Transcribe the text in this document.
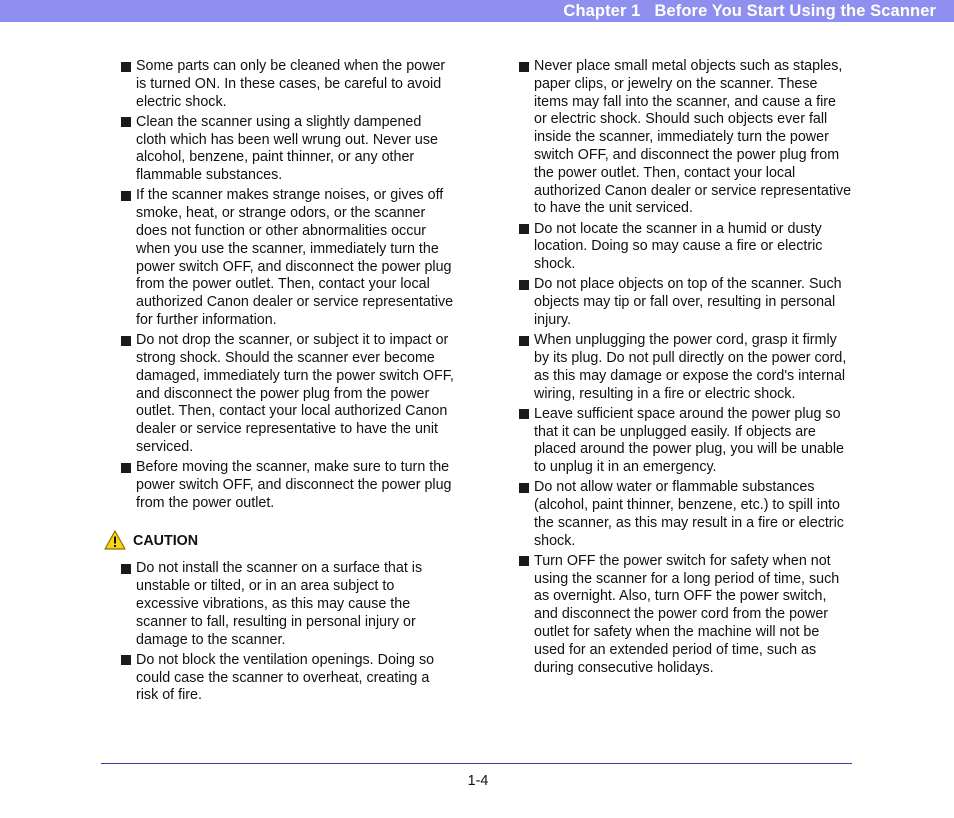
Chapter 1   Before You Start Using the Scanner
Some parts can only be cleaned when the power is turned ON. In these cases, be careful to avoid electric shock.
Clean the scanner using a slightly dampened cloth which has been well wrung out. Never use alcohol, benzene, paint thinner, or any other flammable substances.
If the scanner makes strange noises, or gives off smoke, heat, or strange odors, or the scanner does not function or other abnormalities occur when you use the scanner, immediately turn the power switch OFF, and disconnect the power plug from the power outlet. Then, contact your local authorized Canon dealer or service representative for further information.
Do not drop the scanner, or subject it to impact or strong shock. Should the scanner ever become damaged, immediately turn the power switch OFF, and disconnect the power plug from the power outlet. Then, contact your local authorized Canon dealer or service representative to have the unit serviced.
Before moving the scanner, make sure to turn the power switch OFF, and disconnect the power plug from the power outlet.
CAUTION
Do not install the scanner on a surface that is unstable or tilted, or in an area subject to excessive vibrations, as this may cause the scanner to fall, resulting in personal injury or damage to the scanner.
Do not block the ventilation openings. Doing so could case the scanner to overheat, creating a risk of fire.
Never place small metal objects such as staples, paper clips, or jewelry on the scanner. These items may fall into the scanner, and cause a fire or electric shock. Should such objects ever fall inside the scanner, immediately turn the power switch OFF, and disconnect the power plug from the power outlet. Then, contact your local authorized Canon dealer or service representative to have the unit serviced.
Do not locate the scanner in a humid or dusty location. Doing so may cause a fire or electric shock.
Do not place objects on top of the scanner. Such objects may tip or fall over, resulting in personal injury.
When unplugging the power cord, grasp it firmly by its plug. Do not pull directly on the power cord, as this may damage or expose the cord's internal wiring, resulting in a fire or electric shock.
Leave sufficient space around the power plug so that it can be unplugged easily. If objects are placed around the power plug, you will be unable to unplug it in an emergency.
Do not allow water or flammable substances (alcohol, paint thinner, benzene, etc.) to spill into the scanner, as this may result in a fire or electric shock.
Turn OFF the power switch for safety when not using the scanner for a long period of time, such as overnight. Also, turn OFF the power switch, and disconnect the power cord from the power outlet for safety when the machine will not be used for an extended period of time, such as during consecutive holidays.
1-4
